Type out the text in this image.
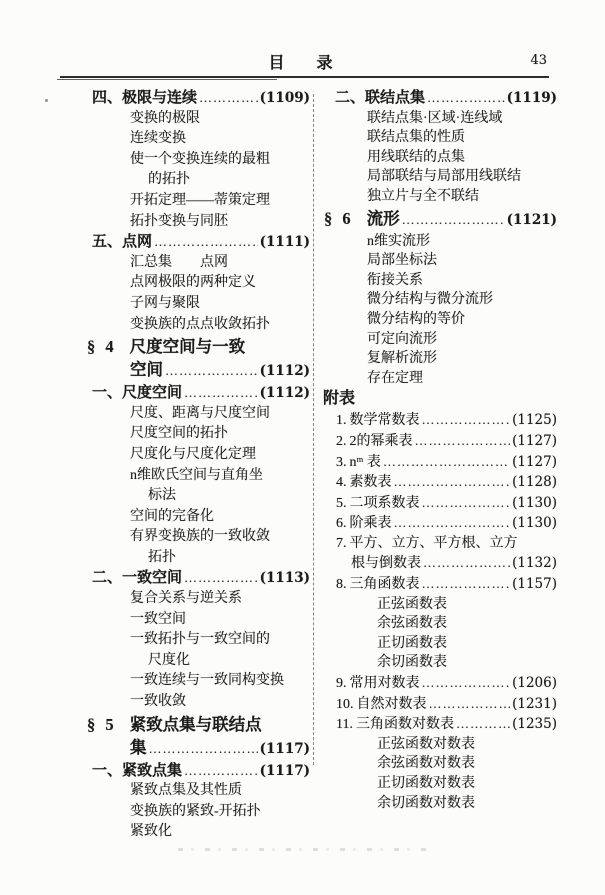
目　录	43
四、 极限与连续 ……………………………………	(1109)
变换的极限
连续变换
使一个变换连续的最粗
的拓扑
开拓定理——蒂策定理
拓扑变换与同胚
五、 点网 ……………………………………	(1111)
汇总集　　点网
点网极限的两种定义
子网与聚限
变换族的点点收敛拓扑
§ 4 尺度空间与一致
空间 ……………………………………	(1112)
一、 尺度空间 ……………………………………	(1112)
尺度、距离与尺度空间
尺度空间的拓扑
尺度化与尺度化定理
n维欧氏空间与直角坐
标法
空间的完备化
有界变换族的一致收敛
拓扑
二、 一致空间 ……………………………………	(1113)
复合关系与逆关系
一致空间
一致拓扑与一致空间的
尺度化
一致连续与一致同构变换
一致收敛
§ 5 紧致点集与联结点
集 ……………………………………	(1117)
一、 紧致点集 ……………………………………	(1117)
紧致点集及其性质
变换族的紧致-开拓扑
紧致化
二、 联结点集 ……………………………………	(1119)
联结点集·区域·连线域
联结点集的性质
用线联结的点集
局部联结与局部用线联结
独立片与全不联结
§ 6 流形 ……………………………………	(1121)
n维实流形
局部坐标法
衔接关系
微分结构与微分流形
微分结构的等价
可定向流形
复解析流形
存在定理
附表
1. 数学常数表 ……………………………………	(1125)
2. 2的幂乘表 ……………………………………	(1127)
3. nᵐ 表 ……………………………………	(1127)
4. 素数表 ……………………………………	(1128)
5. 二项系数表 ……………………………………	(1130)
6. 阶乘表 ……………………………………	(1130)
7. 平方、立方、平方根、立方
根与倒数表 ……………………………………	(1132)
8. 三角函数表 ……………………………………	(1157)
正弦函数表
余弦函数表
正切函数表
余切函数表
9. 常用对数表 ……………………………………	(1206)
10. 自然对数表 ……………………………………	(1231)
11. 三角函数对数表 ……………………………………	(1235)
正弦函数对数表
余弦函数对数表
正切函数对数表
余切函数对数表
